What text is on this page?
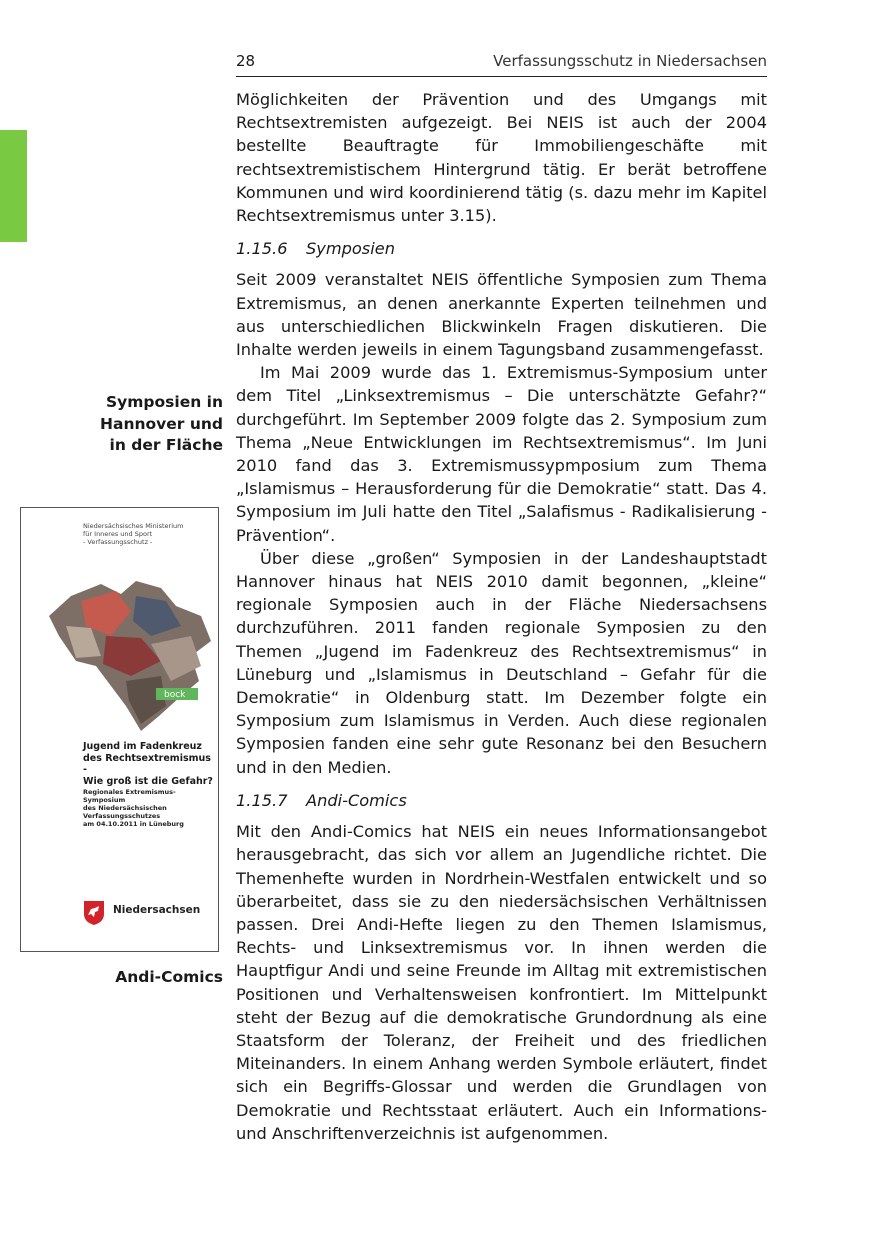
28	Verfassungsschutz in Niedersachsen
Symposien in
Hannover und
in der Fläche
Andi-Comics
Niedersächsisches Ministerium
für Inneres und Sport
- Verfassungsschutz -
bock
Jugend im Fadenkreuz
des Rechtsextremismus -
Wie groß ist die Gefahr?
Regionales Extremismus-Symposium
des Niedersächsischen
Verfassungsschutzes
am 04.10.2011 in Lüneburg
Niedersachsen

Möglichkeiten der Prävention und des Umgangs mit Rechtsextremisten aufgezeigt. Bei NEIS ist auch der 2004 bestellte Beauftragte für Immobiliengeschäfte mit rechtsextremistischem Hintergrund tätig. Er berät betroffene Kommunen und wird koordinierend tätig (s. dazu mehr im Kapitel Rechtsextremismus unter 3.15).

1.15.6 Symposien

Seit 2009 veranstaltet NEIS öffentliche Symposien zum Thema Extremismus, an denen anerkannte Experten teilnehmen und aus unterschiedlichen Blickwinkeln Fragen diskutieren. Die Inhalte werden jeweils in einem Tagungsband zusammengefasst.

Im Mai 2009 wurde das 1. Extremismus-Symposium unter dem Titel „Linksextremismus – Die unterschätzte Gefahr?“ durchgeführt. Im September 2009 folgte das 2. Symposium zum Thema „Neue Entwicklungen im Rechtsextremismus“. Im Juni 2010 fand das 3. Extremismussypmposium zum Thema „Islamismus – Herausforderung für die Demokratie“ statt. Das 4. Symposium im Juli hatte den Titel „Salafismus - Radikalisierung - Prävention“.

Über diese „großen“ Symposien in der Landeshauptstadt Hannover hinaus hat NEIS 2010 damit begonnen, „kleine“ regionale Symposien auch in der Fläche Niedersachsens durchzuführen. 2011 fanden regionale Symposien zu den Themen „Jugend im Fadenkreuz des Rechtsextremismus“ in Lüneburg und „Islamismus in Deutschland – Gefahr für die Demokratie“ in Oldenburg statt. Im Dezember folgte ein Symposium zum Islamismus in Verden. Auch diese regionalen Symposien fanden eine sehr gute Resonanz bei den Besuchern und in den Medien.

1.15.7 Andi-Comics

Mit den Andi-Comics hat NEIS ein neues Informationsangebot herausgebracht, das sich vor allem an Jugendliche richtet. Die Themenhefte wurden in Nordrhein-Westfalen entwickelt und so überarbeitet, dass sie zu den niedersächsischen Verhältnissen passen. Drei Andi-Hefte liegen zu den Themen Islamismus, Rechts- und Linksextremismus vor. In ihnen werden die Hauptfigur Andi und seine Freunde im Alltag mit extremistischen Positionen und Verhaltensweisen konfrontiert. Im Mittelpunkt steht der Bezug auf die demokratische Grundordnung als eine Staatsform der Toleranz, der Freiheit und des friedlichen Miteinanders. In einem Anhang werden Symbole erläutert, findet sich ein Begriffs-Glossar und werden die Grundlagen von Demokratie und Rechtsstaat erläutert. Auch ein Informations- und Anschriftenverzeichnis ist aufgenommen.
